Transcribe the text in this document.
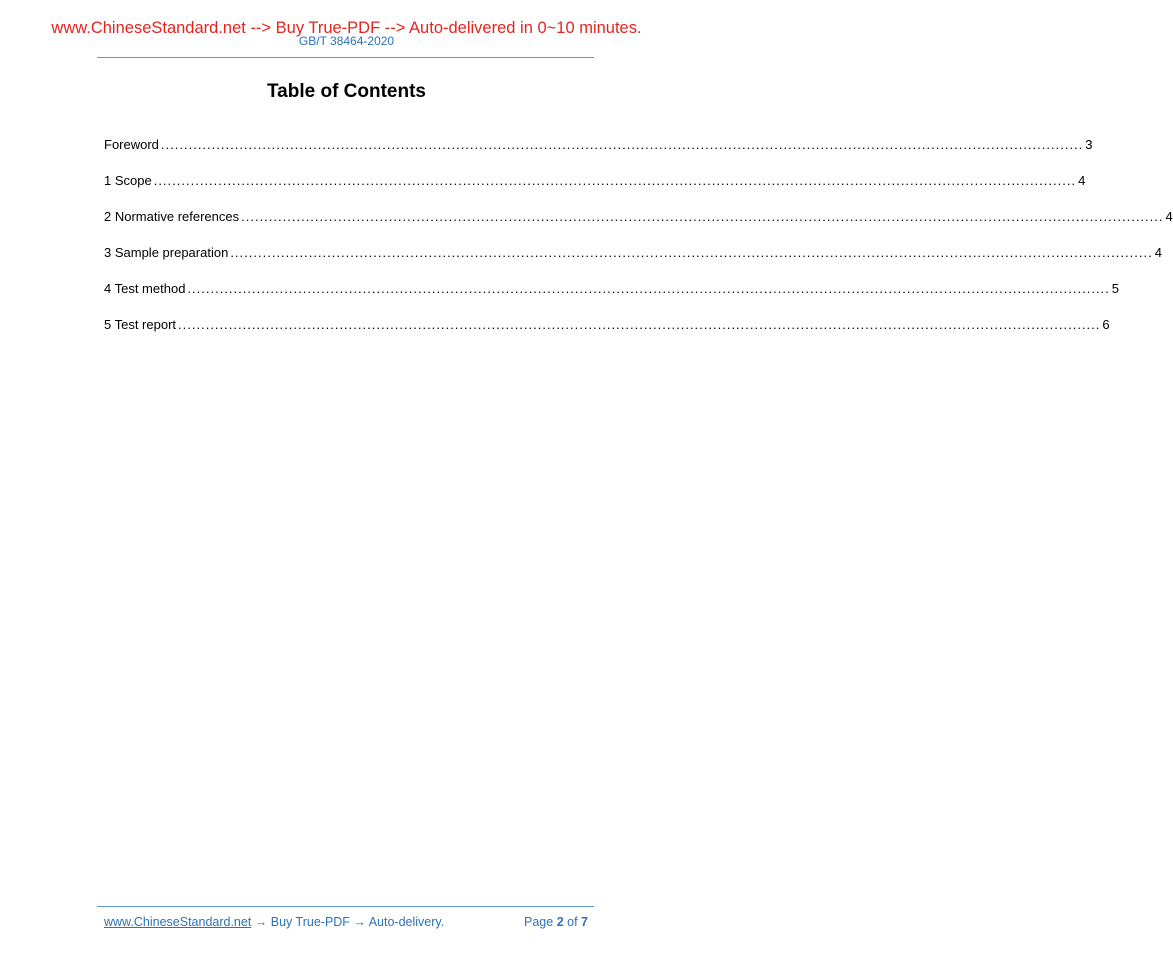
www.ChineseStandard.net --> Buy True-PDF --> Auto-delivered in 0~10 minutes.
GB/T 38464-2020
Table of Contents
Foreword ........................................................................................................................................................................................................ 3
1 Scope ........................................................................................................................................................................................................ 4
2 Normative references ........................................................................................................................................................................................................ 4
3 Sample preparation ........................................................................................................................................................................................................ 4
4 Test method ........................................................................................................................................................................................................ 5
5 Test report ........................................................................................................................................................................................................ 6
www.ChineseStandard.net → Buy True-PDF → Auto-delivery.	Page 2 of 7
